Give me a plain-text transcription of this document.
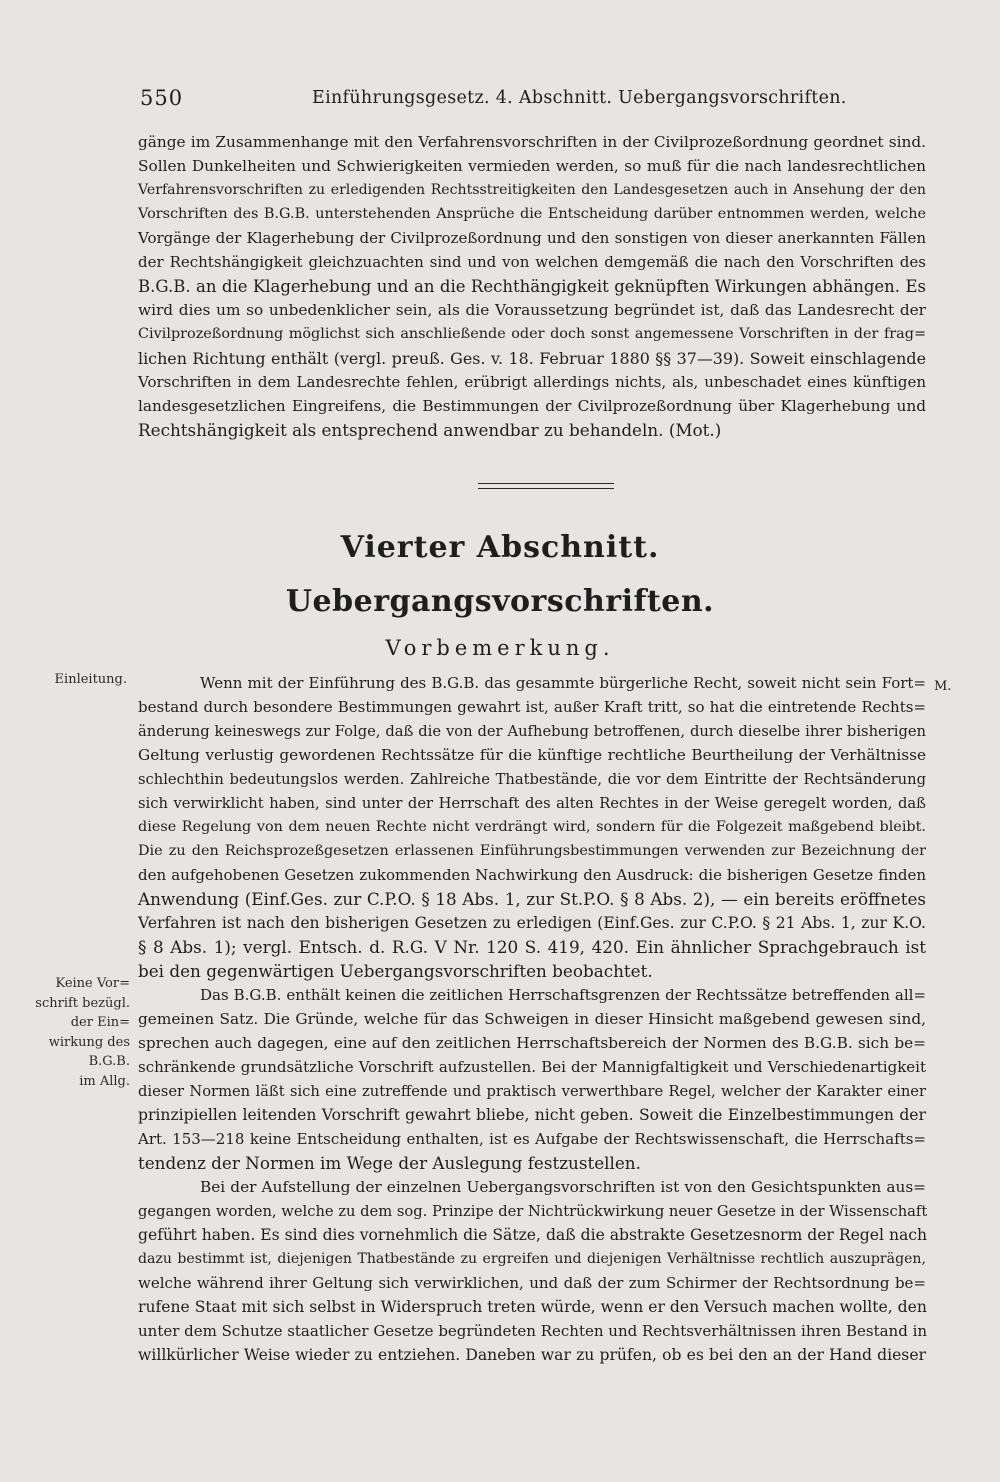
550	Einführungsgesetz. 4. Abschnitt. Uebergangsvorschriften.
gänge im Zusammenhange mit den Verfahrensvorschriften in der Civilprozeßordnung geordnet sind.
Sollen Dunkelheiten und Schwierigkeiten vermieden werden, so muß für die nach landesrechtlichen
Verfahrensvorschriften zu erledigenden Rechtsstreitigkeiten den Landesgesetzen auch in Ansehung der den
Vorschriften des B.G.B. unterstehenden Ansprüche die Entscheidung darüber entnommen werden, welche
Vorgänge der Klagerhebung der Civilprozeßordnung und den sonstigen von dieser anerkannten Fällen
der Rechtshängigkeit gleichzuachten sind und von welchen demgemäß die nach den Vorschriften des
B.G.B. an die Klagerhebung und an die Rechthängigkeit geknüpften Wirkungen abhängen. Es
wird dies um so unbedenklicher sein, als die Voraussetzung begründet ist, daß das Landesrecht der
Civilprozeßordnung möglichst sich anschließende oder doch sonst angemessene Vorschriften in der frag=
lichen Richtung enthält (vergl. preuß. Ges. v. 18. Februar 1880 §§ 37—39). Soweit einschlagende
Vorschriften in dem Landesrechte fehlen, erübrigt allerdings nichts, als, unbeschadet eines künftigen
landesgesetzlichen Eingreifens, die Bestimmungen der Civilprozeßordnung über Klagerhebung und
Rechtshängigkeit als entsprechend anwendbar zu behandeln. (Mot.)
Vierter Abschnitt.
Uebergangsvorschriften.
Vorbemerkung.
Einleitung.
Keine Vor=
schrift bezügl.
der Ein=
wirkung des
B.G.B.
im Allg.
M.
Wenn mit der Einführung des B.G.B. das gesammte bürgerliche Recht, soweit nicht sein Fort=
bestand durch besondere Bestimmungen gewahrt ist, außer Kraft tritt, so hat die eintretende Rechts=
änderung keineswegs zur Folge, daß die von der Aufhebung betroffenen, durch dieselbe ihrer bisherigen
Geltung verlustig gewordenen Rechtssätze für die künftige rechtliche Beurtheilung der Verhältnisse
schlechthin bedeutungslos werden. Zahlreiche Thatbestände, die vor dem Eintritte der Rechtsänderung
sich verwirklicht haben, sind unter der Herrschaft des alten Rechtes in der Weise geregelt worden, daß
diese Regelung von dem neuen Rechte nicht verdrängt wird, sondern für die Folgezeit maßgebend bleibt.
Die zu den Reichsprozeßgesetzen erlassenen Einführungsbestimmungen verwenden zur Bezeichnung der
den aufgehobenen Gesetzen zukommenden Nachwirkung den Ausdruck: die bisherigen Gesetze finden
Anwendung (Einf.Ges. zur C.P.O. § 18 Abs. 1, zur St.P.O. § 8 Abs. 2), — ein bereits eröffnetes
Verfahren ist nach den bisherigen Gesetzen zu erledigen (Einf.Ges. zur C.P.O. § 21 Abs. 1, zur K.O.
§ 8 Abs. 1); vergl. Entsch. d. R.G. V Nr. 120 S. 419, 420. Ein ähnlicher Sprachgebrauch ist
bei den gegenwärtigen Uebergangsvorschriften beobachtet.
Das B.G.B. enthält keinen die zeitlichen Herrschaftsgrenzen der Rechtssätze betreffenden all=
gemeinen Satz. Die Gründe, welche für das Schweigen in dieser Hinsicht maßgebend gewesen sind,
sprechen auch dagegen, eine auf den zeitlichen Herrschaftsbereich der Normen des B.G.B. sich be=
schränkende grundsätzliche Vorschrift aufzustellen. Bei der Mannigfaltigkeit und Verschiedenartigkeit
dieser Normen läßt sich eine zutreffende und praktisch verwerthbare Regel, welcher der Karakter einer
prinzipiellen leitenden Vorschrift gewahrt bliebe, nicht geben. Soweit die Einzelbestimmungen der
Art. 153—218 keine Entscheidung enthalten, ist es Aufgabe der Rechtswissenschaft, die Herrschafts=
tendenz der Normen im Wege der Auslegung festzustellen.
Bei der Aufstellung der einzelnen Uebergangsvorschriften ist von den Gesichtspunkten aus=
gegangen worden, welche zu dem sog. Prinzipe der Nichtrückwirkung neuer Gesetze in der Wissenschaft
geführt haben. Es sind dies vornehmlich die Sätze, daß die abstrakte Gesetzesnorm der Regel nach
dazu bestimmt ist, diejenigen Thatbestände zu ergreifen und diejenigen Verhältnisse rechtlich auszuprägen,
welche während ihrer Geltung sich verwirklichen, und daß der zum Schirmer der Rechtsordnung be=
rufene Staat mit sich selbst in Widerspruch treten würde, wenn er den Versuch machen wollte, den
unter dem Schutze staatlicher Gesetze begründeten Rechten und Rechtsverhältnissen ihren Bestand in
willkürlicher Weise wieder zu entziehen. Daneben war zu prüfen, ob es bei den an der Hand dieser
